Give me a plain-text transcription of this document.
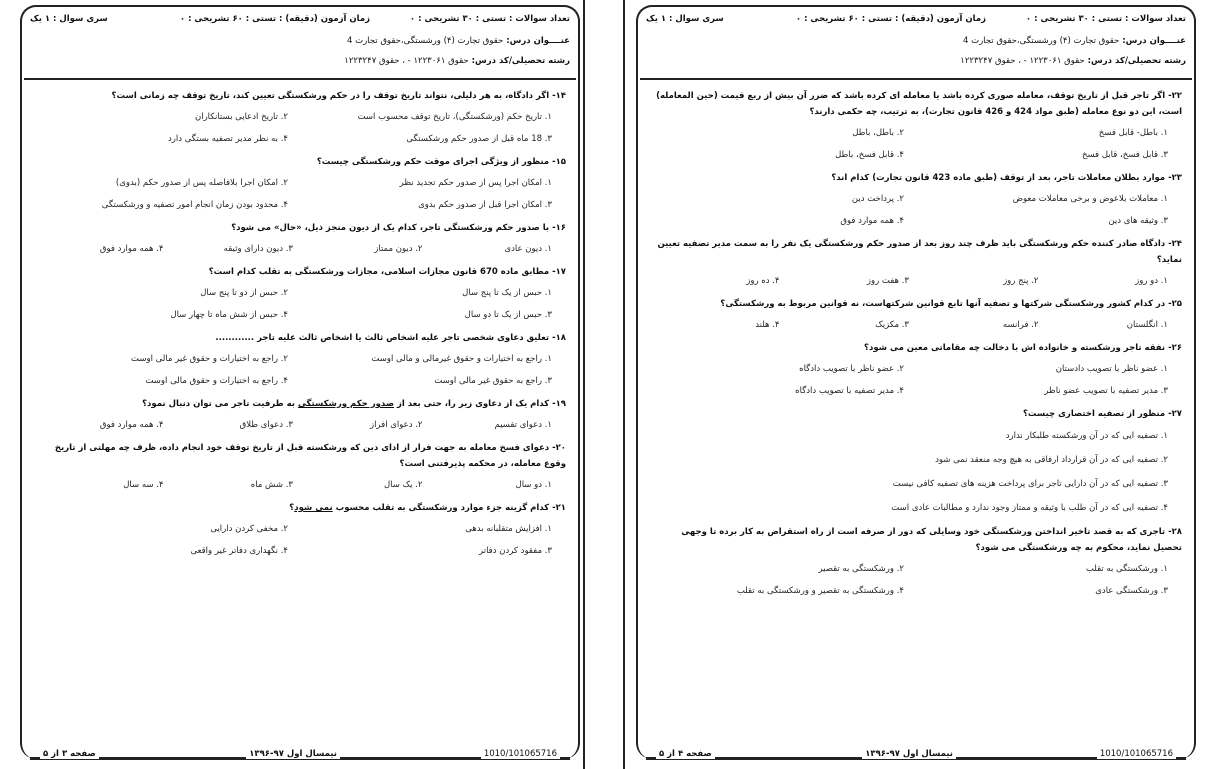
تعداد سوالات : تستی : ۳۰ تشریحی : ۰
زمان آزمون (دقیقه) : تستی : ۶۰ تشریحی : ۰
سری سوال : ۱ یک
عنــــوان درس: حقوق تجارت (۴) ورشستگی،حقوق تجارت 4
رشته تحصیلی/کد درس: حقوق ۱۲۲۳۰۶۱ - ، حقوق ۱۲۲۳۲۴۷
۱۴- اگر دادگاه، به هر دلیلی، نتواند تاریخ توقف را در حکم ورشکستگی تعیین کند، تاریخ توقف چه زمانی است؟
۱. تاریخ حکم (ورشکستگی)، تاریخ توقف محسوب است
۲. تاریخ ادعایی بستانکاران
۳. 18 ماه قبل از صدور حکم ورشکستگی
۴. به نظر مدیر تصفیه بستگی دارد
۱۵- منظور از ویژگی اجرای موقت حکم ورشکستگی چیست؟
۱. امکان اجرا پس از صدور حکم تجدید نظر
۲. امکان اجرا بلافاصله پس از صدور حکم (بدوی)
۳. امکان اجرا قبل از صدور حکم بدوی
۴. محدود بودن زمان انجام امور تصفیه و ورشکستگی
۱۶- با صدور حکم ورشکستگی تاجر، کدام یک از دیون منجز ذیل، «حال» می شود؟
۱. دیون عادی
۲. دیون ممتاز
۳. دیون دارای وثیقه
۴. همه موارد فوق
۱۷- مطابق ماده 670 قانون مجازات اسلامی، مجازات ورشکستگی به تقلب کدام است؟
۱. حبس از یک تا پنج سال
۲. حبس از دو تا پنج سال
۳. حبس از یک تا دو سال
۴. حبس از شش ماه تا چهار سال
۱۸- تعلیق دعاوی شخصی تاجر علیه اشخاص ثالث یا اشخاص ثالث علیه تاجر ............
۱. راجع به اختیارات و حقوق غیرمالی و مالی اوست
۲. راجع به اختیارات و حقوق غیر مالی اوست
۳. راجع به حقوق غیر مالی اوست
۴. راجع به اختیارات و حقوق مالی اوست
۱۹- کدام یک از دعاوی زیر را، حتی بعد از صدور حکم ورشکستگی به طرفیت تاجر می توان دنبال نمود؟
۱. دعوای تقسیم
۲. دعوای افراز
۳. دعوای طلاق
۴. همه موارد فوق
۲۰- دعوای فسخ معامله به جهت فرار از ادای دین که ورشکسته قبل از تاریخ توقف خود انجام داده، ظرف چه مهلتی از تاریخ وقوع معامله، در محکمه پذیرفتنی است؟
۱. دو سال
۲. یک سال
۳. شش ماه
۴. سه سال
۲۱- کدام گزینه جزء موارد ورشکستگی به تقلب محسوب نمی شود؟
۱. افزایش متقلبانه بدهی
۲. مخفی کردن دارایی
۳. مفقود کردن دفاتر
۴. نگهداری دفاتر غیر واقعی
1010/101065716
نیمسال اول ۹۷-۱۳۹۶
صفحه ۳ از ۵
تعداد سوالات : تستی : ۳۰ تشریحی : ۰
زمان آزمون (دقیقه) : تستی : ۶۰ تشریحی : ۰
سری سوال : ۱ یک
عنــــوان درس: حقوق تجارت (۴) ورشستگی،حقوق تجارت 4
رشته تحصیلی/کد درس: حقوق ۱۲۲۳۰۶۱ - ، حقوق ۱۲۲۳۲۴۷
۲۲- اگر تاجر قبل از تاریخ توقف، معامله صوری کرده باشد یا معامله ای کرده باشد که ضرر آن بیش از ربع قیمت (حین المعامله) است، این دو نوع معامله (طبق مواد 424 و 426 قانون تجارت)، به ترتیب، چه حکمی دارند؟
۱. باطل- قابل فسخ
۲. باطل، باطل
۳. قابل فسخ، قابل فسخ
۴. قابل فسخ، باطل
۲۳- موارد بطلان معاملات تاجر، بعد از توقف (طبق ماده 423 قانون تجارت) کدام اند؟
۱. معاملات بلاعوض و برخی معاملات معوض
۲. پرداخت دین
۳. وثیقه های دین
۴. همه موارد فوق
۲۴- دادگاه صادر کننده حکم ورشکستگی باید ظرف چند روز بعد از صدور حکم ورشکستگی یک نفر را به سمت مدیر تصفیه تعیین نماید؟
۱. دو روز
۲. پنج روز
۳. هفت روز
۴. ده روز
۲۵- در کدام کشور ورشکستگی شرکتها و تصفیه آنها تابع قوانین شرکتهاست، نه قوانین مربوط به ورشکستگی؟
۱. انگلستان
۲. فرانسه
۳. مکزیک
۴. هلند
۲۶- نفقه تاجر ورشکسته و خانواده اش با دخالت چه مقاماتی معین می شود؟
۱. عضو ناظر با تصویب دادستان
۲. عضو ناظر با تصویب دادگاه
۳. مدیر تصفیه با تصویب عضو ناظر
۴. مدیر تصفیه با تصویب دادگاه
۲۷- منظور از تصفیه اختصاری چیست؟
۱. تصفیه ایی که در آن ورشکسته طلبکار ندارد
۲. تصفیه ایی که در آن قرارداد ارفاقی به هیچ وجه منعقد نمی شود
۳. تصفیه ایی که در آن دارایی تاجر برای پرداخت هزینه های تصفیه کافی نیست
۴. تصفیه ایی که در آن طلب با وثیقه و ممتاز وجود ندارد و مطالبات عادی است
۲۸- تاجری که به قصد تاخیر انداختن ورشکستگی خود وسایلی که دور از صرفه است از راه استقراض به کار برده تا وجهی تحصیل نماید، محکوم به چه ورشکستگی می شود؟
۱. ورشکستگی به تقلب
۲. ورشکستگی به تقصیر
۳. ورشکستگی عادی
۴. ورشکستگی به تقصیر و ورشکستگی به تقلب
1010/101065716
نیمسال اول ۹۷-۱۳۹۶
صفحه ۴ از ۵
